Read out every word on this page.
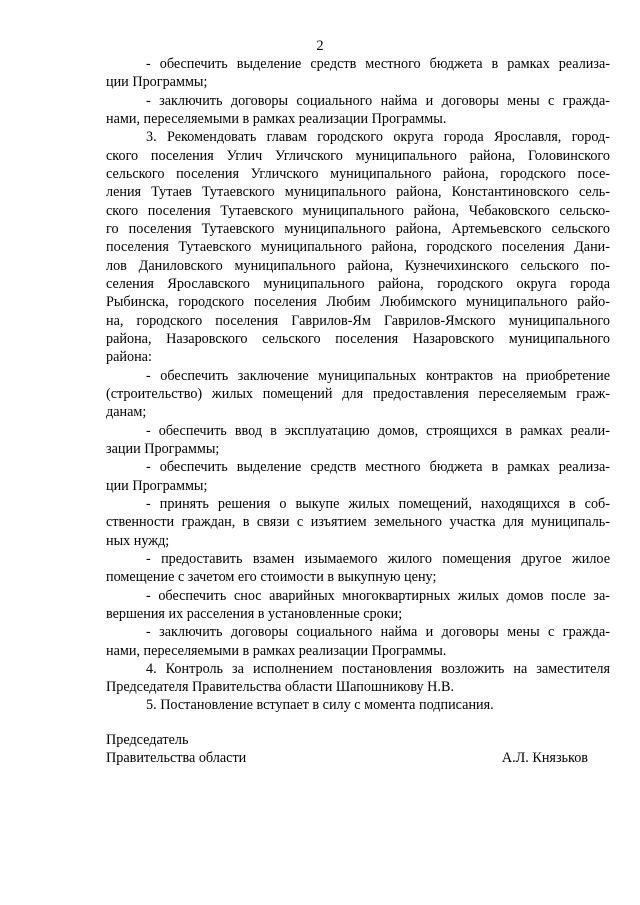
2
- обеспечить выделение средств местного бюджета в рамках реализа-
ции Программы;
- заключить договоры социального найма и договоры мены с гражда-
нами, переселяемыми в рамках реализации Программы.
3. Рекомендовать главам городского округа города Ярославля, город-
ского поселения Углич Угличского муниципального района, Головинского
сельского поселения Угличского муниципального района, городского посе-
ления Тутаев Тутаевского муниципального района, Константиновского сель-
ского поселения Тутаевского муниципального района, Чебаковского сельско-
го поселения Тутаевского муниципального района, Артемьевского сельского
поселения Тутаевского муниципального района, городского поселения Дани-
лов Даниловского муниципального района, Кузнечихинского сельского по-
селения Ярославского муниципального района, городского округа города
Рыбинска, городского поселения Любим Любимского муниципального райо-
на, городского поселения Гаврилов-Ям Гаврилов-Ямского муниципального
района, Назаровского сельского поселения Назаровского муниципального
района:
- обеспечить заключение муниципальных контрактов на приобретение
(строительство) жилых помещений для предоставления переселяемым граж-
данам;
- обеспечить ввод в эксплуатацию домов, строящихся в рамках реали-
зации Программы;
- обеспечить выделение средств местного бюджета в рамках реализа-
ции Программы;
- принять решения о выкупе жилых помещений, находящихся в соб-
ственности граждан, в связи с изъятием земельного участка для муниципаль-
ных нужд;
- предоставить взамен изымаемого жилого помещения другое жилое
помещение с зачетом его стоимости в выкупную цену;
- обеспечить снос аварийных многоквартирных жилых домов после за-
вершения их расселения в установленные сроки;
- заключить договоры социального найма и договоры мены с гражда-
нами, переселяемыми в рамках реализации Программы.
4. Контроль за исполнением постановления возложить на заместителя
Председателя Правительства области Шапошникову Н.В.
5. Постановление вступает в силу с момента подписания.
Председатель
Правительства области	А.Л. Князьков
